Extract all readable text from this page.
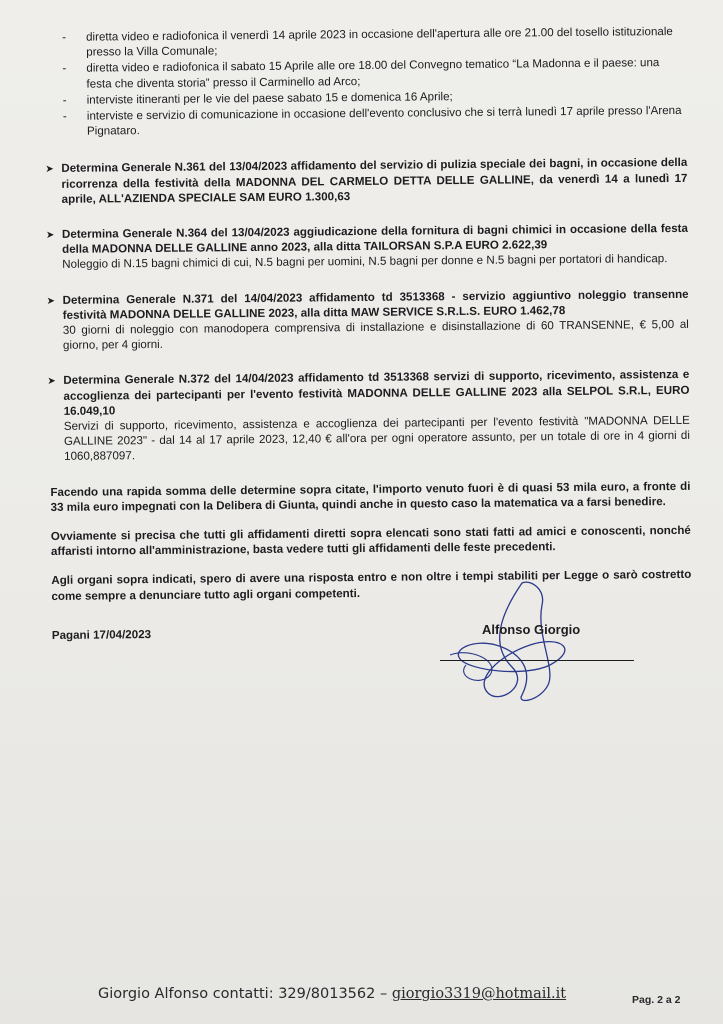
- diretta video e radiofonica il venerdì 14 aprile 2023 in occasione dell'apertura alle ore 21.00 del tosello istituzionale presso la Villa Comunale;
- diretta video e radiofonica il sabato 15 Aprile alle ore 18.00 del Convegno tematico “La Madonna e il paese: una festa che diventa storia” presso il Carminello ad Arco;
- interviste itineranti per le vie del paese sabato 15 e domenica 16 Aprile;
- interviste e servizio di comunicazione in occasione dell'evento conclusivo che si terrà lunedì 17 aprile presso l'Arena Pignataro.
➤ Determina Generale N.361 del 13/04/2023 affidamento del servizio di pulizia speciale dei bagni, in occasione della ricorrenza della festività della MADONNA DEL CARMELO DETTA DELLE GALLINE, da venerdì 14 a lunedì 17 aprile, ALL'AZIENDA SPECIALE SAM EURO 1.300,63
➤ Determina Generale N.364 del 13/04/2023 aggiudicazione della fornitura di bagni chimici in occasione della festa della MADONNA DELLE GALLINE anno 2023, alla ditta TAILORSAN S.P.A EURO 2.622,39
Noleggio di N.15 bagni chimici di cui, N.5 bagni per uomini, N.5 bagni per donne e N.5 bagni per portatori di handicap.
➤ Determina Generale N.371 del 14/04/2023 affidamento td 3513368 - servizio aggiuntivo noleggio transenne festività MADONNA DELLE GALLINE 2023, alla ditta MAW SERVICE S.R.L.S. EURO 1.462,78
30 giorni di noleggio con manodopera comprensiva di installazione e disinstallazione di 60 TRANSENNE, € 5,00 al giorno, per 4 giorni.
➤ Determina Generale N.372 del 14/04/2023 affidamento td 3513368 servizi di supporto, ricevimento, assistenza e accoglienza dei partecipanti per l'evento festività MADONNA DELLE GALLINE 2023 alla SELPOL S.R.L, EURO 16.049,10
Servizi di supporto, ricevimento, assistenza e accoglienza dei partecipanti per l'evento festività "MADONNA DELLE GALLINE 2023" - dal 14 al 17 aprile 2023, 12,40 € all'ora per ogni operatore assunto, per un totale di ore in 4 giorni di 1060,887097.

Facendo una rapida somma delle determine sopra citate, l'importo venuto fuori è di quasi 53 mila euro, a fronte di 33 mila euro impegnati con la Delibera di Giunta, quindi anche in questo caso la matematica va a farsi benedire.

Ovviamente si precisa che tutti gli affidamenti diretti sopra elencati sono stati fatti ad amici e conoscenti, nonché affaristi intorno all'amministrazione, basta vedere tutti gli affidamenti delle feste precedenti.

Agli organi sopra indicati, spero di avere una risposta entro e non oltre i tempi stabiliti per Legge o sarò costretto come sempre a denunciare tutto agli organi competenti.

Pagani 17/04/2023	Alfonso Giorgio
Giorgio Alfonso contatti: 329/8013562 – giorgio3319@hotmail.it	Pag. 2 a 2
